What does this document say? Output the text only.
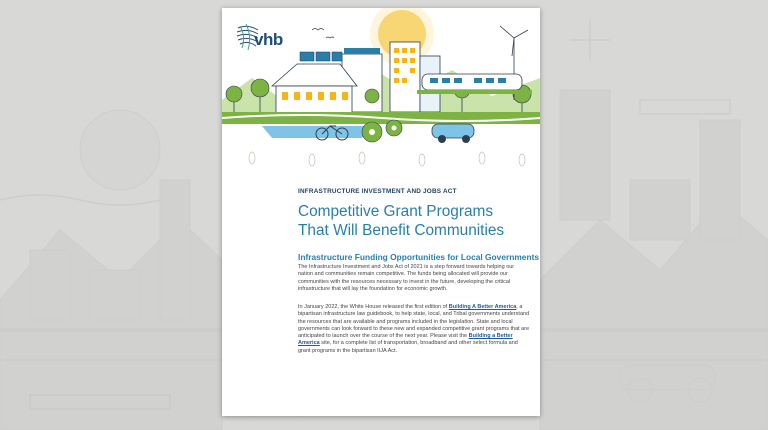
vhb
INFRASTRUCTURE INVESTMENT AND JOBS ACT
Competitive Grant Programs
That Will Benefit Communities
Infrastructure Funding Opportunities for Local Governments
The Infrastructure Investment and Jobs Act of 2021 is a step forward towards helping our nation and communities remain competitive. The funds being allocated will provide our communities with the resources necessary to invest in the future, developing the critical infrastructure that will lay the foundation for economic growth.
In January 2022, the White House released the first edition of Building A Better America, a bipartisan infrastructure law guidebook, to help state, local, and Tribal governments understand the resources that are available and programs included in the legislation. State and local governments can look forward to these new and expanded competitive grant programs that are anticipated to launch over the course of the next year. Please visit the Building a Better America site, for a complete list of transportation, broadband and other select formula and grant programs in the bipartisan IIJA Act.
